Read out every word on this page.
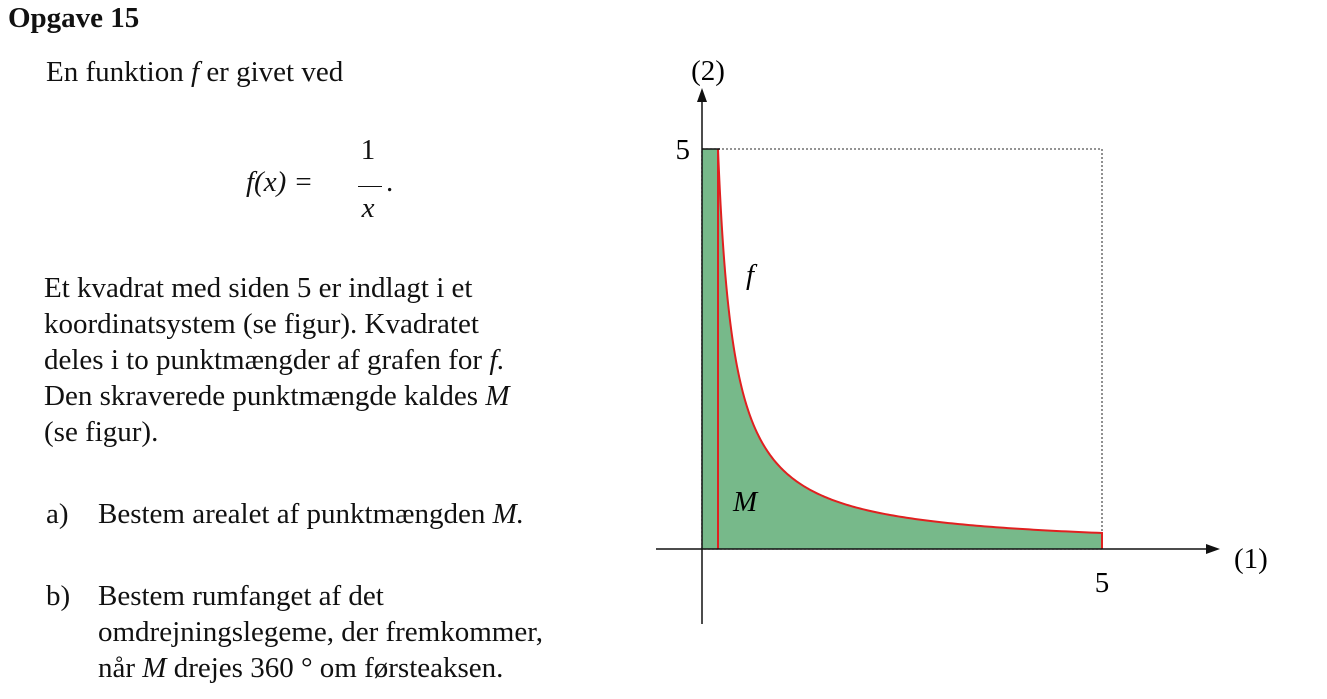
Opgave 15
En funktion f er givet ved
f(x) =
1
x
.
Et kvadrat med siden 5 er indlagt i et
koordinatsystem (se figur). Kvadratet
deles i to punktmængder af grafen for f.
Den skraverede punktmængde kaldes M
(se figur).
a) Bestem arealet af punktmængden M.
b) Bestem rumfanget af det
omdrejningslegeme, der fremkommer,
når M drejes 360 ° om førsteaksen.
5
5
(1)
(2)
f
M
